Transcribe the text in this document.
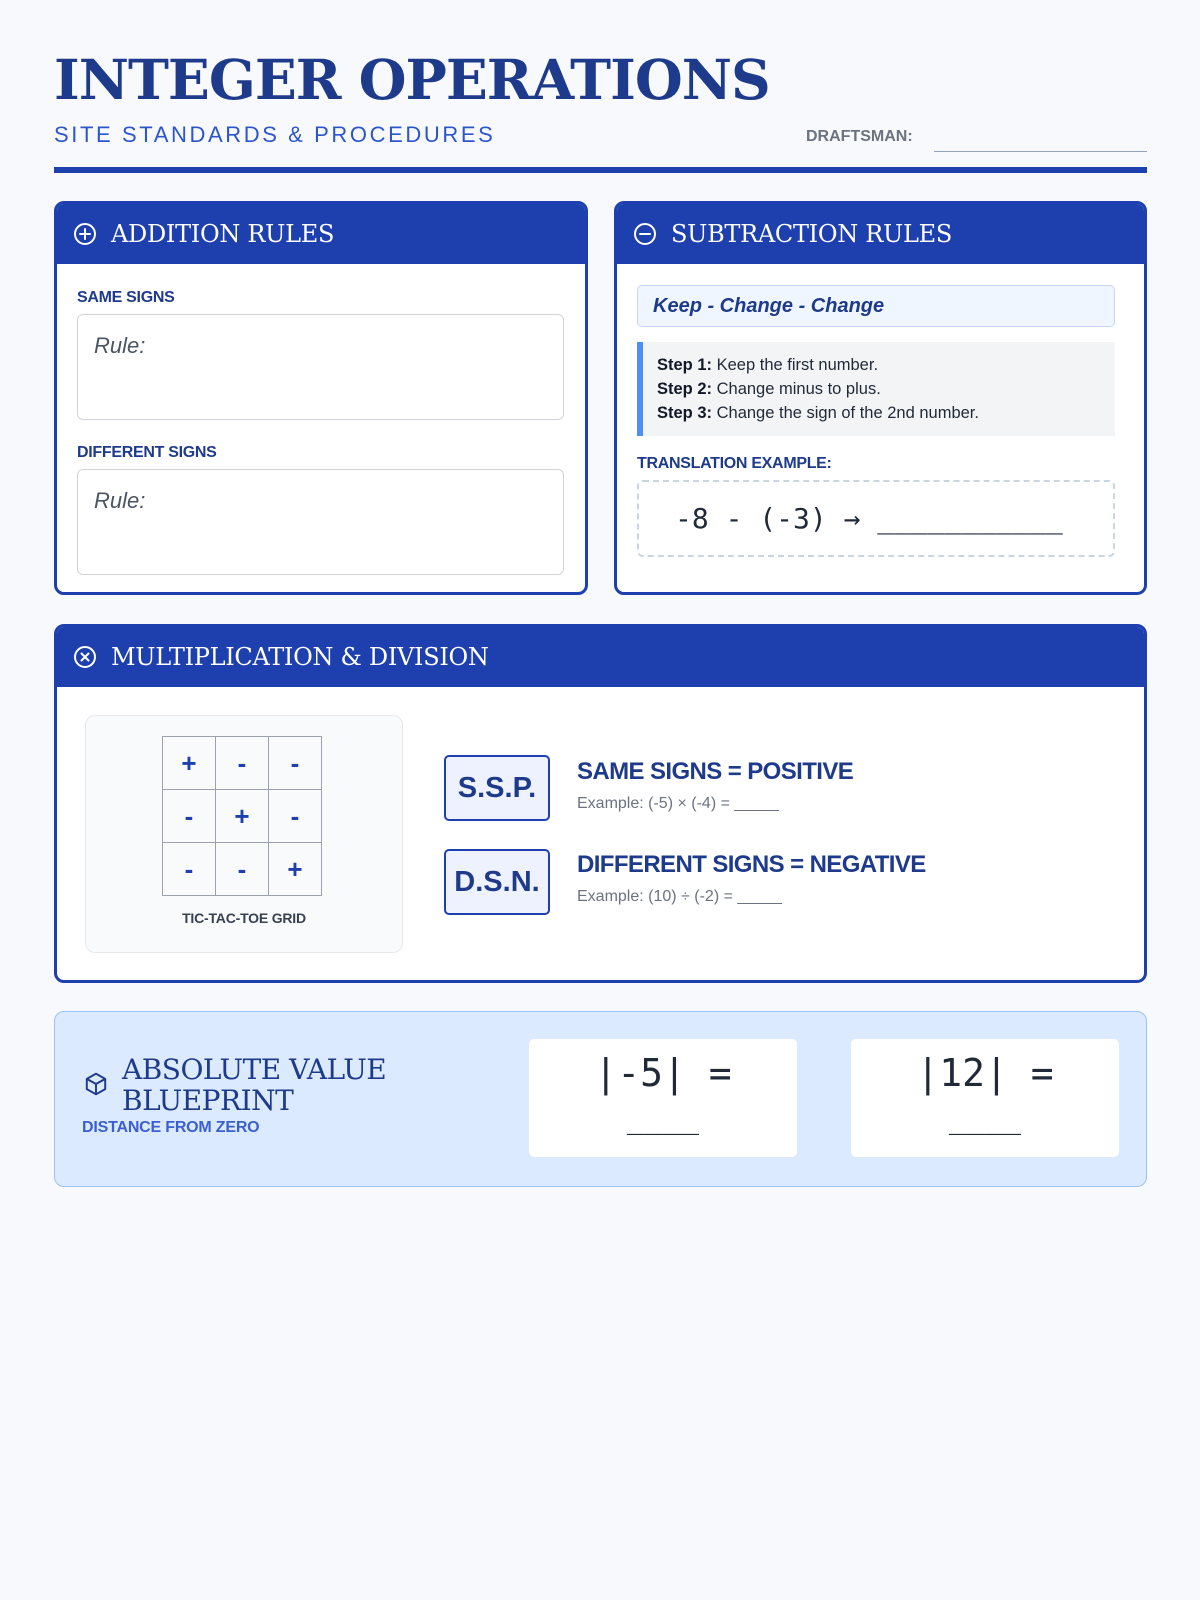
INTEGER OPERATIONS
SITE STANDARDS & PROCEDURES	DRAFTSMAN:
ADDITION RULES
SAME SIGNS
Rule:
DIFFERENT SIGNS
Rule:
SUBTRACTION RULES
Keep - Change - Change
Step 1: Keep the first number.
Step 2: Change minus to plus.
Step 3: Change the sign of the 2nd number.
TRANSLATION EXAMPLE:
-8 - (-3) → ___________
MULTIPLICATION & DIVISION
+	-	-
-	+	-
-	-	+
TIC-TAC-TOE GRID
S.S.P.	SAME SIGNS = POSITIVE
Example: (-5) × (-4) = _____
D.S.N.
DIFFERENT SIGNS = NEGATIVE
Example: (10) ÷ (-2) = _____
ABSOLUTE VALUE
BLUEPRINT
DISTANCE FROM ZERO
|-5| =
____
|12| =
____
